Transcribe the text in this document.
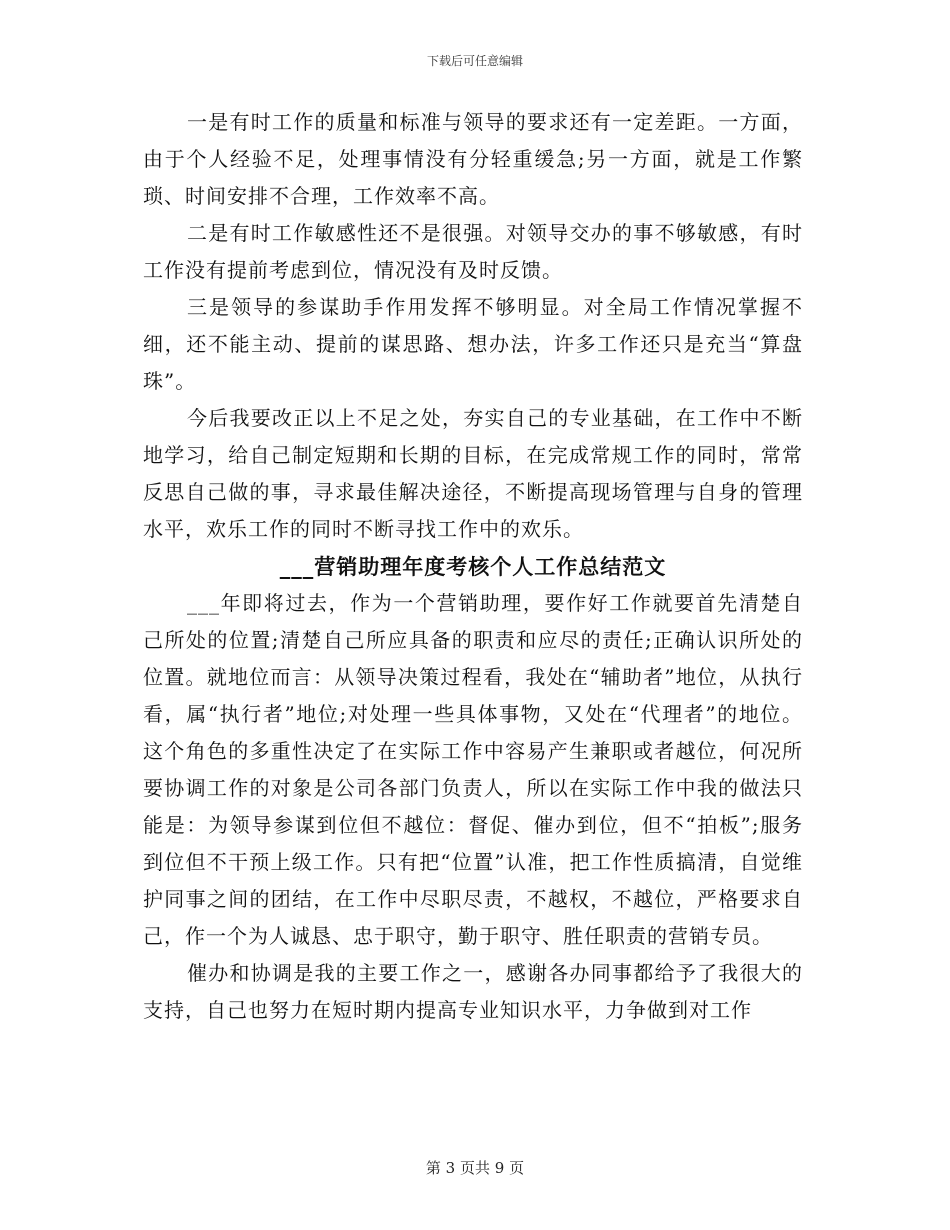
下载后可任意编辑

一是有时工作的质量和标准与领导的要求还有一定差距。一方面，由于个人经验不足，处理事情没有分轻重缓急;另一方面，就是工作繁琐、时间安排不合理，工作效率不高。

二是有时工作敏感性还不是很强。对领导交办的事不够敏感，有时工作没有提前考虑到位，情况没有及时反馈。

三是领导的参谋助手作用发挥不够明显。对全局工作情况掌握不细，还不能主动、提前的谋思路、想办法，许多工作还只是充当“算盘珠”。

今后我要改正以上不足之处，夯实自己的专业基础，在工作中不断地学习，给自己制定短期和长期的目标，在完成常规工作的同时，常常反思自己做的事，寻求最佳解决途径，不断提高现场管理与自身的管理水平，欢乐工作的同时不断寻找工作中的欢乐。

___营销助理年度考核个人工作总结范文

___年即将过去，作为一个营销助理，要作好工作就要首先清楚自己所处的位置;清楚自己所应具备的职责和应尽的责任;正确认识所处的位置。就地位而言：从领导决策过程看，我处在“辅助者”地位，从执行看，属“执行者”地位;对处理一些具体事物，又处在“代理者”的地位。这个角色的多重性决定了在实际工作中容易产生兼职或者越位，何况所要协调工作的对象是公司各部门负责人，所以在实际工作中我的做法只能是：为领导参谋到位但不越位：督促、催办到位，但不“拍板”;服务到位但不干预上级工作。只有把“位置”认准，把工作性质搞清，自觉维护同事之间的团结，在工作中尽职尽责，不越权，不越位，严格要求自己，作一个为人诚恳、忠于职守，勤于职守、胜任职责的营销专员。

催办和协调是我的主要工作之一，感谢各办同事都给予了我很大的支持，自己也努力在短时期内提高专业知识水平，力争做到对工作

第 3 页共 9 页
